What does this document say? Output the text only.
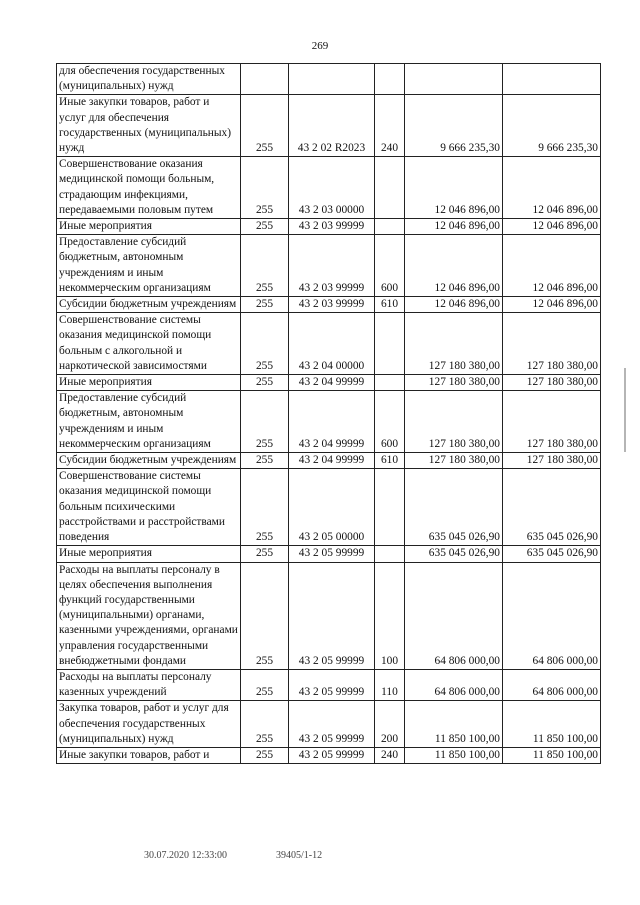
269
для обеспечения государственных (муниципальных) нужд					
Иные закупки товаров, работ и услуг для обеспечения государственных (муниципальных) нужд	255	43 2 02 R2023	240	9 666 235,30	9 666 235,30
Совершенствование оказания медицинской помощи больным, страдающим инфекциями, передаваемыми половым путем	255	43 2 03 00000		12 046 896,00	12 046 896,00
Иные мероприятия	255	43 2 03 99999		12 046 896,00	12 046 896,00
Предоставление субсидий бюджетным, автономным учреждениям и иным некоммерческим организациям	255	43 2 03 99999	600	12 046 896,00	12 046 896,00
Субсидии бюджетным учреждениям	255	43 2 03 99999	610	12 046 896,00	12 046 896,00
Совершенствование системы оказания медицинской помощи больным с алкогольной и наркотической зависимостями	255	43 2 04 00000		127 180 380,00	127 180 380,00
Иные мероприятия	255	43 2 04 99999		127 180 380,00	127 180 380,00
Предоставление субсидий бюджетным, автономным учреждениям и иным некоммерческим организациям	255	43 2 04 99999	600	127 180 380,00	127 180 380,00
Субсидии бюджетным учреждениям	255	43 2 04 99999	610	127 180 380,00	127 180 380,00
Совершенствование системы оказания медицинской помощи больным психическими расстройствами и расстройствами поведения	255	43 2 05 00000		635 045 026,90	635 045 026,90
Иные мероприятия	255	43 2 05 99999		635 045 026,90	635 045 026,90
Расходы на выплаты персоналу в целях обеспечения выполнения функций государственными (муниципальными) органами, казенными учреждениями, органами управления государственными внебюджетными фондами	255	43 2 05 99999	100	64 806 000,00	64 806 000,00
Расходы на выплаты персоналу казенных учреждений	255	43 2 05 99999	110	64 806 000,00	64 806 000,00
Закупка товаров, работ и услуг для обеспечения государственных (муниципальных) нужд	255	43 2 05 99999	200	11 850 100,00	11 850 100,00
Иные закупки товаров, работ и	255	43 2 05 99999	240	11 850 100,00	11 850 100,00
30.07.2020 12:33:00	39405/1-12
